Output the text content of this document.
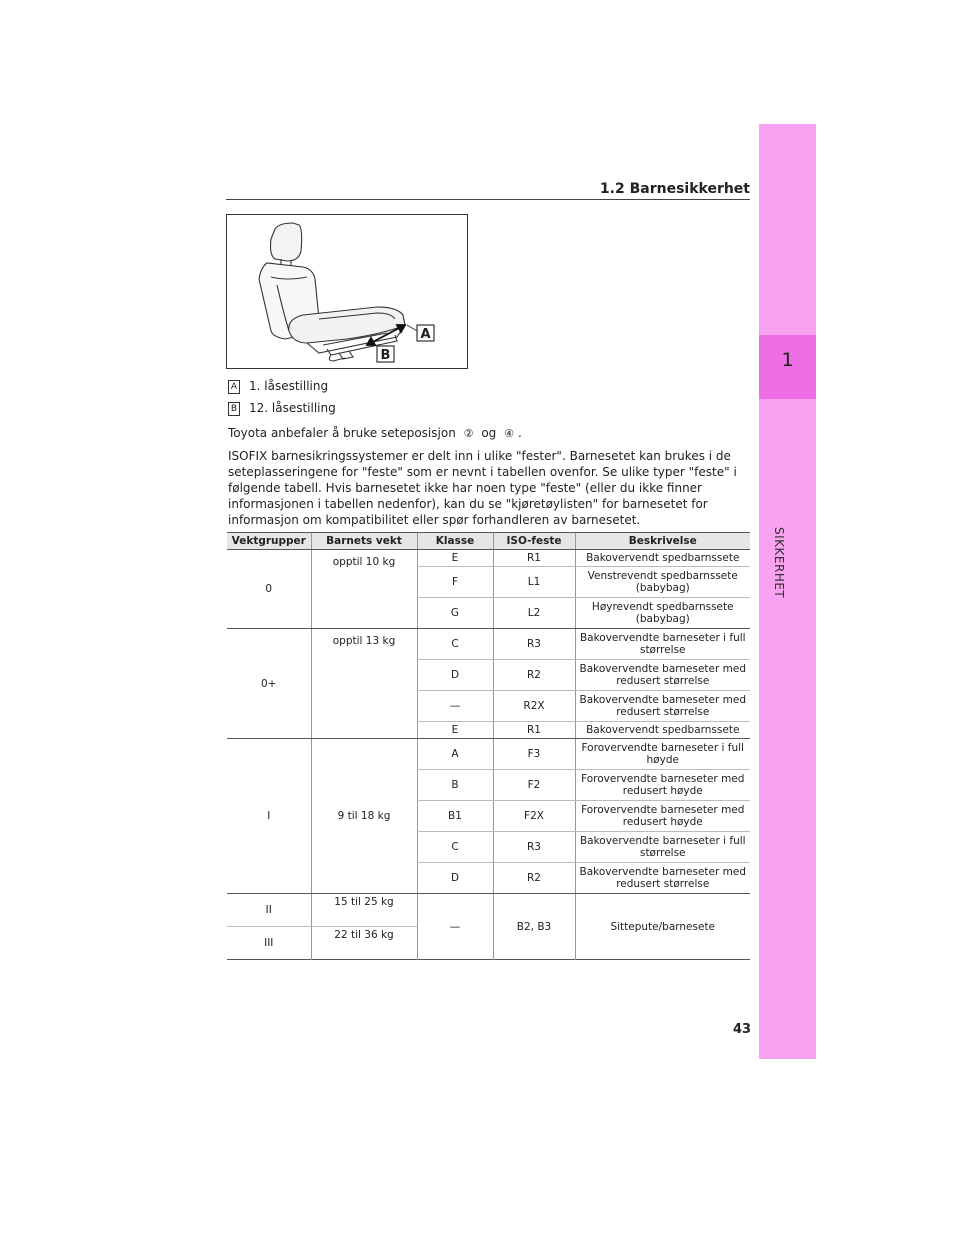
1
SIKKERHET
1.2 Barnesikkerhet
A
B
A 1. låsestilling
B 12. låsestilling
Toyota anbefaler å bruke seteposisjon ② og ④ .
ISOFIX barnesikringssystemer er delt inn i ulike "fester". Barnesetet kan brukes i de seteplasseringene for "feste" som er nevnt i tabellen ovenfor. Se ulike typer "feste" i følgende tabell. Hvis barnesetet ikke har noen type "feste" (eller du ikke finner informasjonen i tabellen nedenfor), kan du se "kjøretøylisten" for barnesetet for informasjon om kompatibilitet eller spør forhandleren av barnesetet.
Vektgrupper	Barnets vekt	Klasse	ISO-feste	Beskrivelse
0	opptil 10 kg	E	R1	Bakovervendt spedbarnssete
		F	L1	Venstrevendt spedbarnssete (babybag)
		G	L2	Høyrevendt spedbarnssete (babybag)
0+	opptil 13 kg	C	R3	Bakovervendte barneseter i full størrelse
		D	R2	Bakovervendte barneseter med redusert størrelse
		—	R2X	Bakovervendte barneseter med redusert størrelse
		E	R1	Bakovervendt spedbarnssete
I	9 til 18 kg	A	F3	Forovervendte barneseter i full høyde
		B	F2	Forovervendte barneseter med redusert høyde
		B1	F2X	Forovervendte barneseter med redusert høyde
		C	R3	Bakovervendte barneseter i full størrelse
		D	R2	Bakovervendte barneseter med redusert størrelse
II	15 til 25 kg	—	B2, B3	Sittepute/barnesete
III	22 til 36 kg			
43
